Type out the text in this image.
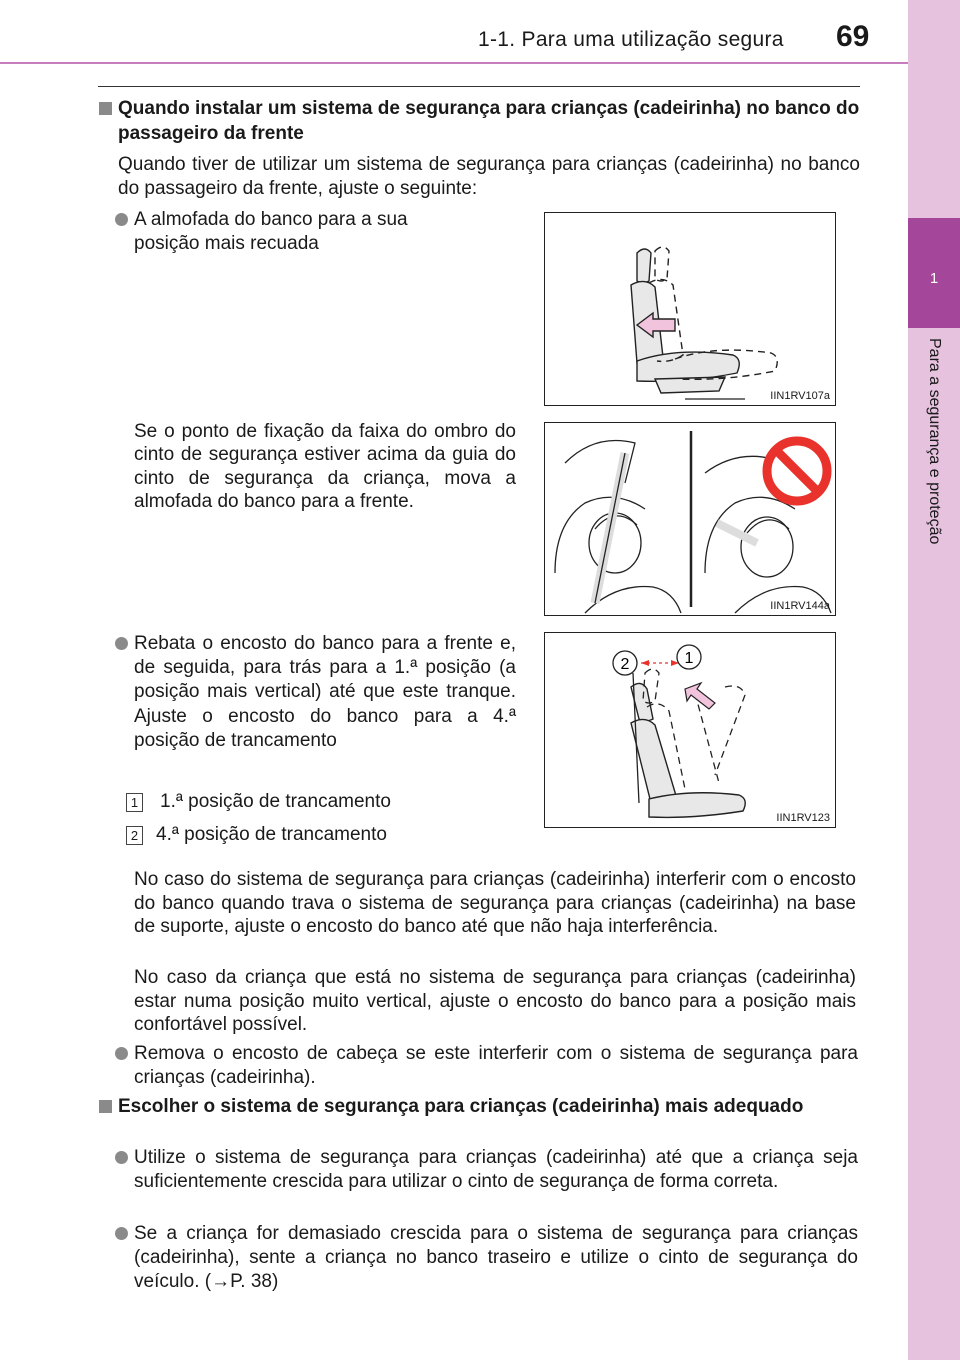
1-1. Para uma utilização segura 69
1
Para a segurança e proteção
Quando instalar um sistema de segurança para crianças (cadeirinha) no banco do passageiro da frente
Quando tiver de utilizar um sistema de segurança para crianças (cadeirinha) no banco do passageiro da frente, ajuste o seguinte:
A almofada do banco para a sua posição mais recuada
IIN1RV107a
Se o ponto de fixação da faixa do ombro do cinto de segurança estiver acima da guia do cinto de segurança da criança, mova a almofada do banco para a frente.
IIN1RV144a
Rebata o encosto do banco para a frente e, de seguida, para trás para a 1.ª posição (a posição mais vertical) até que este tranque. Ajuste o encosto do banco para a 4.ª posição de trancamento
2	1
IIN1RV123
1 1.ª posição de trancamento
2 4.ª posição de trancamento
No caso do sistema de segurança para crianças (cadeirinha) interferir com o encosto do banco quando trava o sistema de segurança para crianças (cadeirinha) na base de suporte, ajuste o encosto do banco até que não haja interferência.
No caso da criança que está no sistema de segurança para crianças (cadeirinha) estar numa posição muito vertical, ajuste o encosto do banco para a posição mais confortável possível.
Remova o encosto de cabeça se este interferir com o sistema de segurança para crianças (cadeirinha).
Escolher o sistema de segurança para crianças (cadeirinha) mais adequado
Utilize o sistema de segurança para crianças (cadeirinha) até que a criança seja suficientemente crescida para utilizar o cinto de segurança de forma correta.
Se a criança for demasiado crescida para o sistema de segurança para crianças (cadeirinha), sente a criança no banco traseiro e utilize o cinto de segurança do veículo. (→P. 38)
